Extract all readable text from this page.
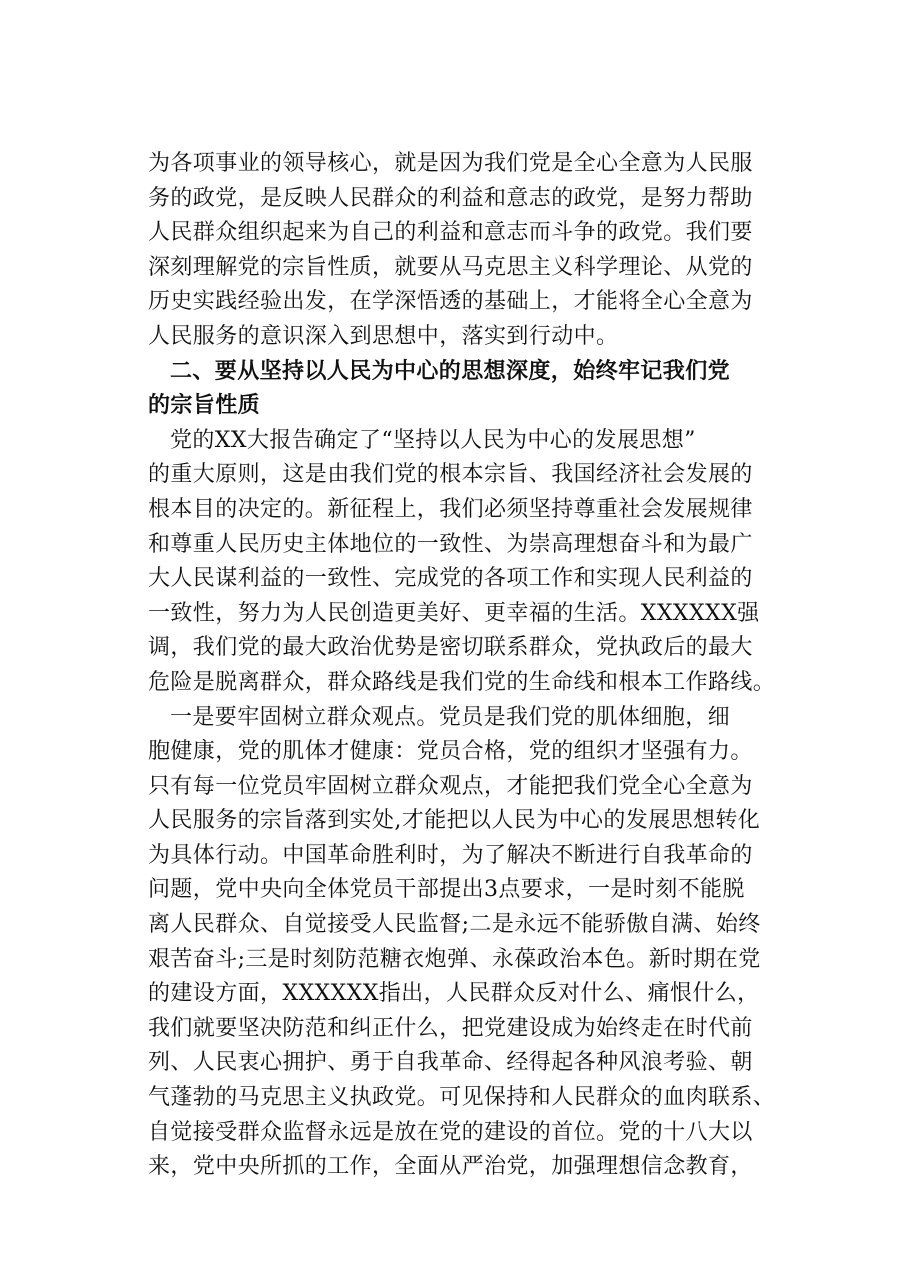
为各项事业的领导核心，就是因为我们党是全心全意为人民服
务的政党，是反映人民群众的利益和意志的政党，是努力帮助
人民群众组织起来为自己的利益和意志而斗争的政党。我们要
深刻理解党的宗旨性质，就要从马克思主义科学理论、从党的
历史实践经验出发，在学深悟透的基础上，才能将全心全意为
人民服务的意识深入到思想中，落实到行动中。
二、要从坚持以人民为中心的思想深度，始终牢记我们党
的宗旨性质
党的XX大报告确定了“坚持以人民为中心的发展思想”
的重大原则，这是由我们党的根本宗旨、我国经济社会发展的
根本目的决定的。新征程上，我们必须坚持尊重社会发展规律
和尊重人民历史主体地位的一致性、为崇高理想奋斗和为最广
大人民谋利益的一致性、完成党的各项工作和实现人民利益的
一致性，努力为人民创造更美好、更幸福的生活。XXXXXX强
调，我们党的最大政治优势是密切联系群众，党执政后的最大
危险是脱离群众，群众路线是我们党的生命线和根本工作路线。
一是要牢固树立群众观点。党员是我们党的肌体细胞，细
胞健康，党的肌体才健康：党员合格，党的组织才坚强有力。
只有每一位党员牢固树立群众观点，才能把我们党全心全意为
人民服务的宗旨落到实处,才能把以人民为中心的发展思想转化
为具体行动。中国革命胜利时，为了解决不断进行自我革命的
问题，党中央向全体党员干部提出3点要求，一是时刻不能脱
离人民群众、自觉接受人民监督;二是永远不能骄傲自满、始终
艰苦奋斗;三是时刻防范糖衣炮弹、永葆政治本色。新时期在党
的建设方面，XXXXXX指出，人民群众反对什么、痛恨什么，
我们就要坚决防范和纠正什么，把党建设成为始终走在时代前
列、人民衷心拥护、勇于自我革命、经得起各种风浪考验、朝
气蓬勃的马克思主义执政党。可见保持和人民群众的血肉联系、
自觉接受群众监督永远是放在党的建设的首位。党的十八大以
来，党中央所抓的工作，全面从严治党，加强理想信念教育，
